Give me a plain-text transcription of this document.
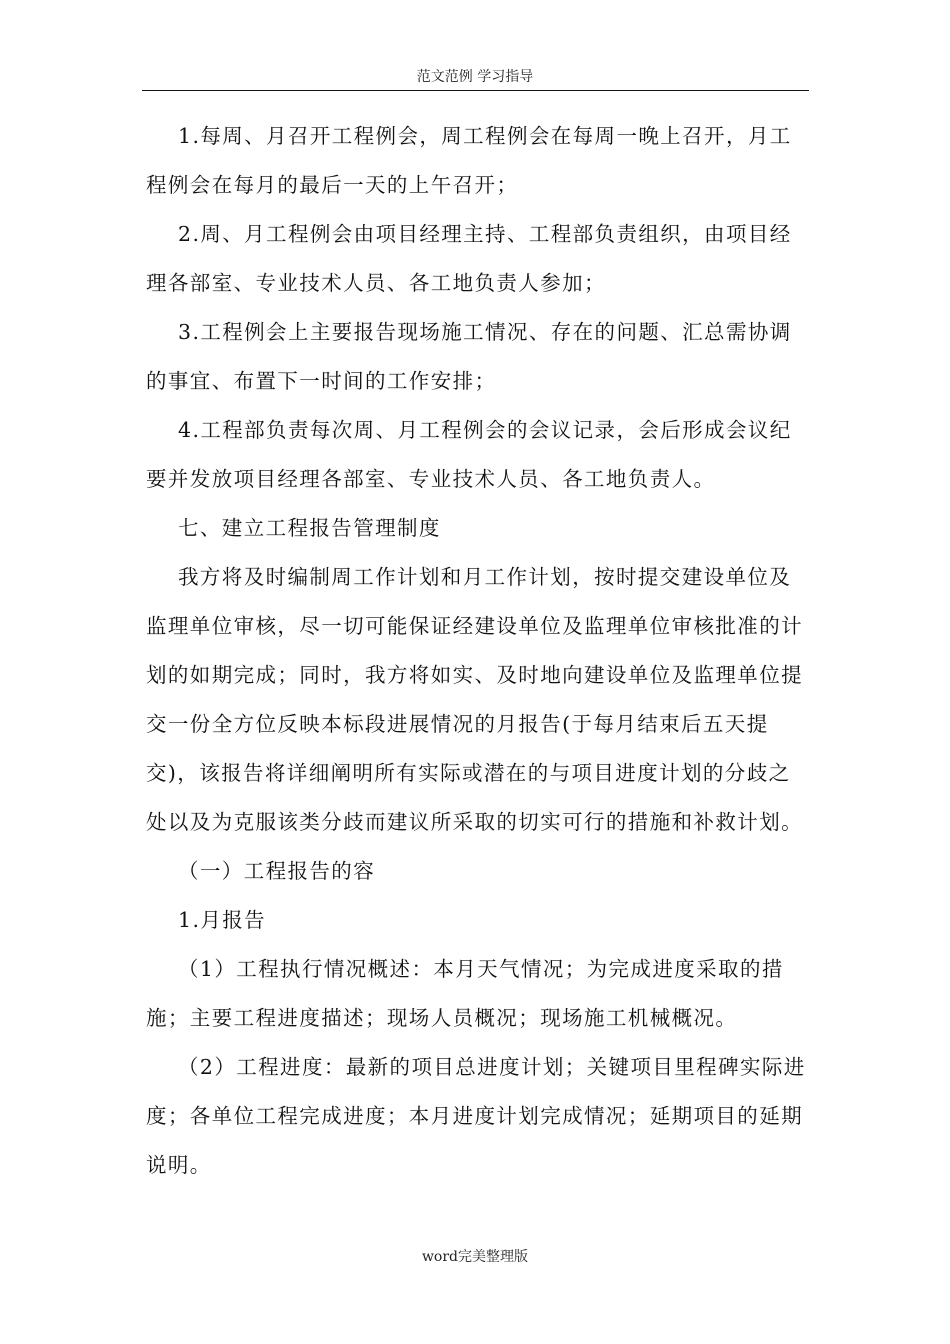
范文范例 学习指导

1.每周、月召开工程例会，周工程例会在每周一晚上召开，月工程例会在每月的最后一天的上午召开；

2.周、月工程例会由项目经理主持、工程部负责组织，由项目经理各部室、专业技术人员、各工地负责人参加；

3.工程例会上主要报告现场施工情况、存在的问题、汇总需协调的事宜、布置下一时间的工作安排；

4.工程部负责每次周、月工程例会的会议记录，会后形成会议纪要并发放项目经理各部室、专业技术人员、各工地负责人。

七、建立工程报告管理制度

我方将及时编制周工作计划和月工作计划，按时提交建设单位及监理单位审核，尽一切可能保证经建设单位及监理单位审核批准的计划的如期完成；同时，我方将如实、及时地向建设单位及监理单位提交一份全方位反映本标段进展情况的月报告(于每月结束后五天提交)，该报告将详细阐明所有实际或潜在的与项目进度计划的分歧之处以及为克服该类分歧而建议所采取的切实可行的措施和补救计划。

（一）工程报告的容

1.月报告

（1）工程执行情况概述：本月天气情况；为完成进度采取的措施；主要工程进度描述；现场人员概况；现场施工机械概况。

（2）工程进度：最新的项目总进度计划；关键项目里程碑实际进度；各单位工程完成进度；本月进度计划完成情况；延期项目的延期说明。

word完美整理版
